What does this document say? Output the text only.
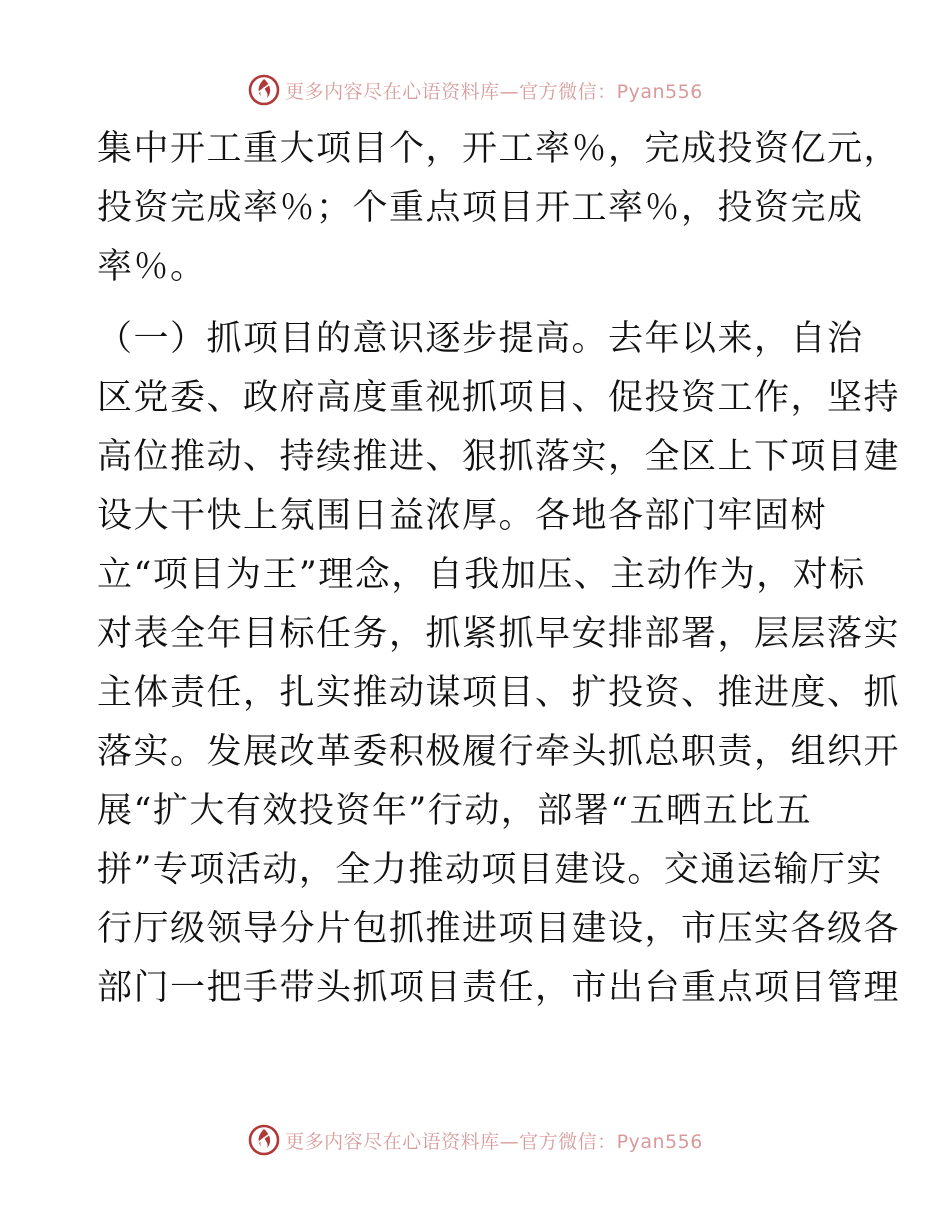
更多内容尽在心语资料库—官方微信：Pyan556
集中开工重大项目个，开工率％，完成投资亿元，
投资完成率％；个重点项目开工率％，投资完成
率％。
（一）抓项目的意识逐步提高。去年以来，自治
区党委、政府高度重视抓项目、促投资工作，坚持
高位推动、持续推进、狠抓落实，全区上下项目建
设大干快上氛围日益浓厚。各地各部门牢固树
立“项目为王”理念，自我加压、主动作为，对标
对表全年目标任务，抓紧抓早安排部署，层层落实
主体责任，扎实推动谋项目、扩投资、推进度、抓
落实。发展改革委积极履行牵头抓总职责，组织开
展“扩大有效投资年”行动，部署“五晒五比五
拼”专项活动，全力推动项目建设。交通运输厅实
行厅级领导分片包抓推进项目建设，市压实各级各
部门一把手带头抓项目责任，市出台重点项目管理
更多内容尽在心语资料库—官方微信：Pyan556
